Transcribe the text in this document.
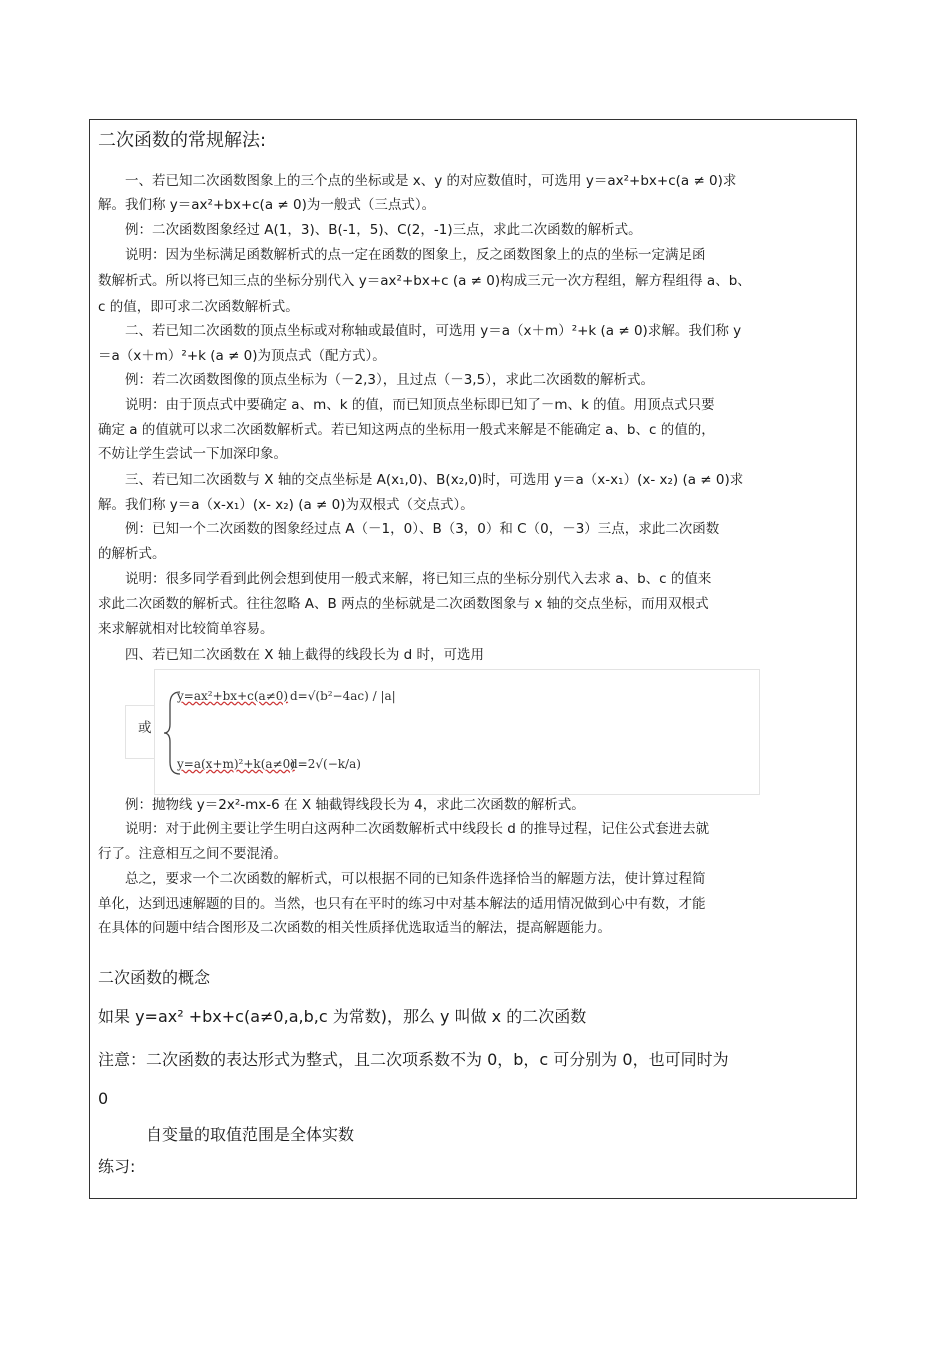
二次函数的常规解法:
　　一、若已知二次函数图象上的三个点的坐标或是 x、y 的对应数值时，可选用 y＝ax²+bx+c(a ≠ 0)求
解。我们称 y＝ax²+bx+c(a ≠ 0)为一般式（三点式）。
　　例：二次函数图象经过 A(1，3)、B(-1，5)、C(2，-1)三点，求此二次函数的解析式。
　　说明：因为坐标满足函数解析式的点一定在函数的图象上，反之函数图象上的点的坐标一定满足函
数解析式。所以将已知三点的坐标分别代入 y＝ax²+bx+c (a ≠ 0)构成三元一次方程组，解方程组得 a、b、
c 的值，即可求二次函数解析式。
　　二、若已知二次函数的顶点坐标或对称轴或最值时，可选用 y＝a（x＋m）²+k (a ≠ 0)求解。我们称 y
＝a（x＋m）²+k (a ≠ 0)为顶点式（配方式）。
　　例：若二次函数图像的顶点坐标为（－2,3），且过点（－3,5），求此二次函数的解析式。
　　说明：由于顶点式中要确定 a、m、k 的值，而已知顶点坐标即已知了－m、k 的值。用顶点式只要
确定 a 的值就可以求二次函数解析式。若已知这两点的坐标用一般式来解是不能确定 a、b、c 的值的，
不妨让学生尝试一下加深印象。
　　三、若已知二次函数与 X 轴的交点坐标是 A(x₁,0)、B(x₂,0)时，可选用 y＝a（x-x₁）(x- x₂) (a ≠ 0)求
解。我们称 y＝a（x-x₁）(x- x₂) (a ≠ 0)为双根式（交点式）。
　　例：已知一个二次函数的图象经过点 A（－1，0）、B（3，0）和 C（0，－3）三点，求此二次函数
的解析式。
　　说明：很多同学看到此例会想到使用一般式来解，将已知三点的坐标分别代入去求 a、b、c 的值来
求此二次函数的解析式。往往忽略 A、B 两点的坐标就是二次函数图象与 x 轴的交点坐标，而用双根式
来求解就相对比较简单容易。
　　四、若已知二次函数在 X 轴上截得的线段长为 d 时，可选用
或
y=ax²+bx+c(a≠0) d=√(b²−4ac) / |a|
y=a(x+m)²+k(a≠0)
d=2√(−k/a)
　　例：抛物线 y＝2x²-mx-6 在 X 轴截锝线段长为 4，求此二次函数的解析式。
　　说明：对于此例主要让学生明白这两种二次函数解析式中线段长 d 的推导过程，记住公式套进去就
行了。注意相互之间不要混淆。
　　总之，要求一个二次函数的解析式，可以根据不同的已知条件选择恰当的解题方法，使计算过程简
单化，达到迅速解题的目的。当然，也只有在平时的练习中对基本解法的适用情况做到心中有数，才能
在具体的问题中结合图形及二次函数的相关性质择优选取适当的解法，提高解题能力。
二次函数的概念
如果 y=ax² +bx+c(a≠0,a,b,c 为常数)，那么 y 叫做 x 的二次函数
注意：二次函数的表达形式为整式，且二次项系数不为 0，b，c 可分别为 0，也可同时为
0
　　　自变量的取值范围是全体实数
练习:
